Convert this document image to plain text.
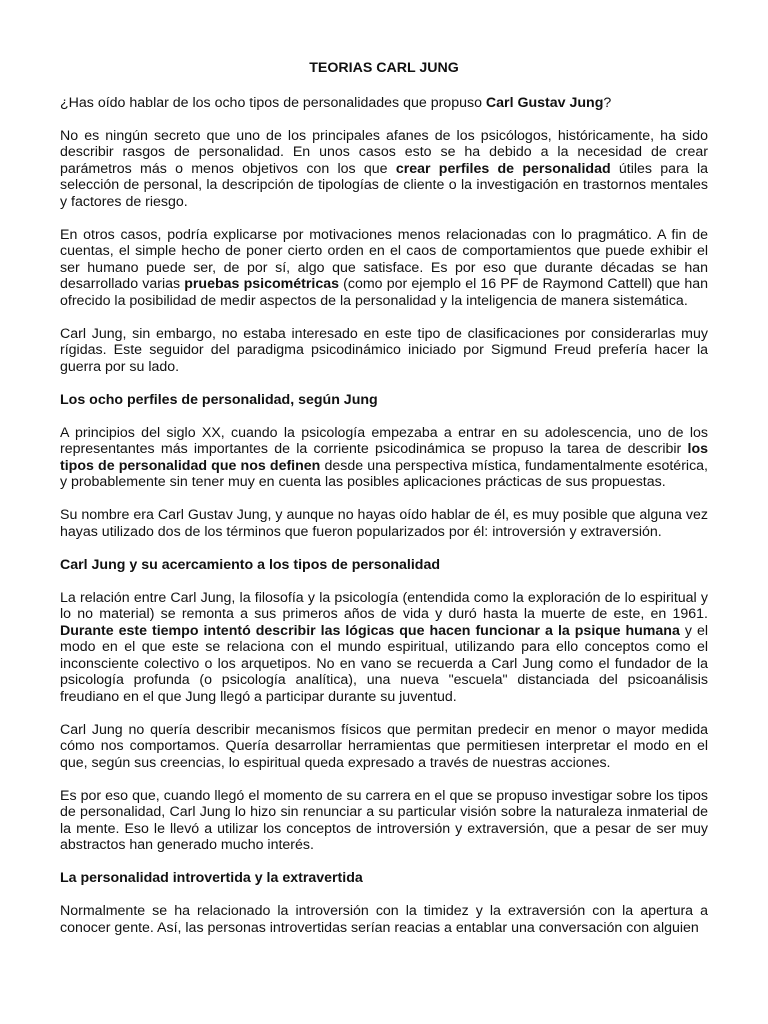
TEORIAS CARL JUNG

¿Has oído hablar de los ocho tipos de personalidades que propuso Carl Gustav Jung?

No es ningún secreto que uno de los principales afanes de los psicólogos, históricamente, ha sido describir rasgos de personalidad. En unos casos esto se ha debido a la necesidad de crear parámetros más o menos objetivos con los que crear perfiles de personalidad útiles para la selección de personal, la descripción de tipologías de cliente o la investigación en trastornos mentales y factores de riesgo.

En otros casos, podría explicarse por motivaciones menos relacionadas con lo pragmático. A fin de cuentas, el simple hecho de poner cierto orden en el caos de comportamientos que puede exhibir el ser humano puede ser, de por sí, algo que satisface. Es por eso que durante décadas se han desarrollado varias pruebas psicométricas (como por ejemplo el 16 PF de Raymond Cattell) que han ofrecido la posibilidad de medir aspectos de la personalidad y la inteligencia de manera sistemática.

Carl Jung, sin embargo, no estaba interesado en este tipo de clasificaciones por considerarlas muy rígidas. Este seguidor del paradigma psicodinámico iniciado por Sigmund Freud prefería hacer la guerra por su lado.

Los ocho perfiles de personalidad, según Jung

A principios del siglo XX, cuando la psicología empezaba a entrar en su adolescencia, uno de los representantes más importantes de la corriente psicodinámica se propuso la tarea de describir los tipos de personalidad que nos definen desde una perspectiva mística, fundamentalmente esotérica, y probablemente sin tener muy en cuenta las posibles aplicaciones prácticas de sus propuestas.

Su nombre era Carl Gustav Jung, y aunque no hayas oído hablar de él, es muy posible que alguna vez hayas utilizado dos de los términos que fueron popularizados por él: introversión y extraversión.

Carl Jung y su acercamiento a los tipos de personalidad

La relación entre Carl Jung, la filosofía y la psicología (entendida como la exploración de lo espiritual y lo no material) se remonta a sus primeros años de vida y duró hasta la muerte de este, en 1961. Durante este tiempo intentó describir las lógicas que hacen funcionar a la psique humana y el modo en el que este se relaciona con el mundo espiritual, utilizando para ello conceptos como el inconsciente colectivo o los arquetipos. No en vano se recuerda a Carl Jung como el fundador de la psicología profunda (o psicología analítica), una nueva "escuela" distanciada del psicoanálisis freudiano en el que Jung llegó a participar durante su juventud.

Carl Jung no quería describir mecanismos físicos que permitan predecir en menor o mayor medida cómo nos comportamos. Quería desarrollar herramientas que permitiesen interpretar el modo en el que, según sus creencias, lo espiritual queda expresado a través de nuestras acciones.

Es por eso que, cuando llegó el momento de su carrera en el que se propuso investigar sobre los tipos de personalidad, Carl Jung lo hizo sin renunciar a su particular visión sobre la naturaleza inmaterial de la mente. Eso le llevó a utilizar los conceptos de introversión y extraversión, que a pesar de ser muy abstractos han generado mucho interés.

La personalidad introvertida y la extravertida

Normalmente se ha relacionado la introversión con la timidez y la extraversión con la apertura a conocer gente. Así, las personas introvertidas serían reacias a entablar una conversación con alguien
